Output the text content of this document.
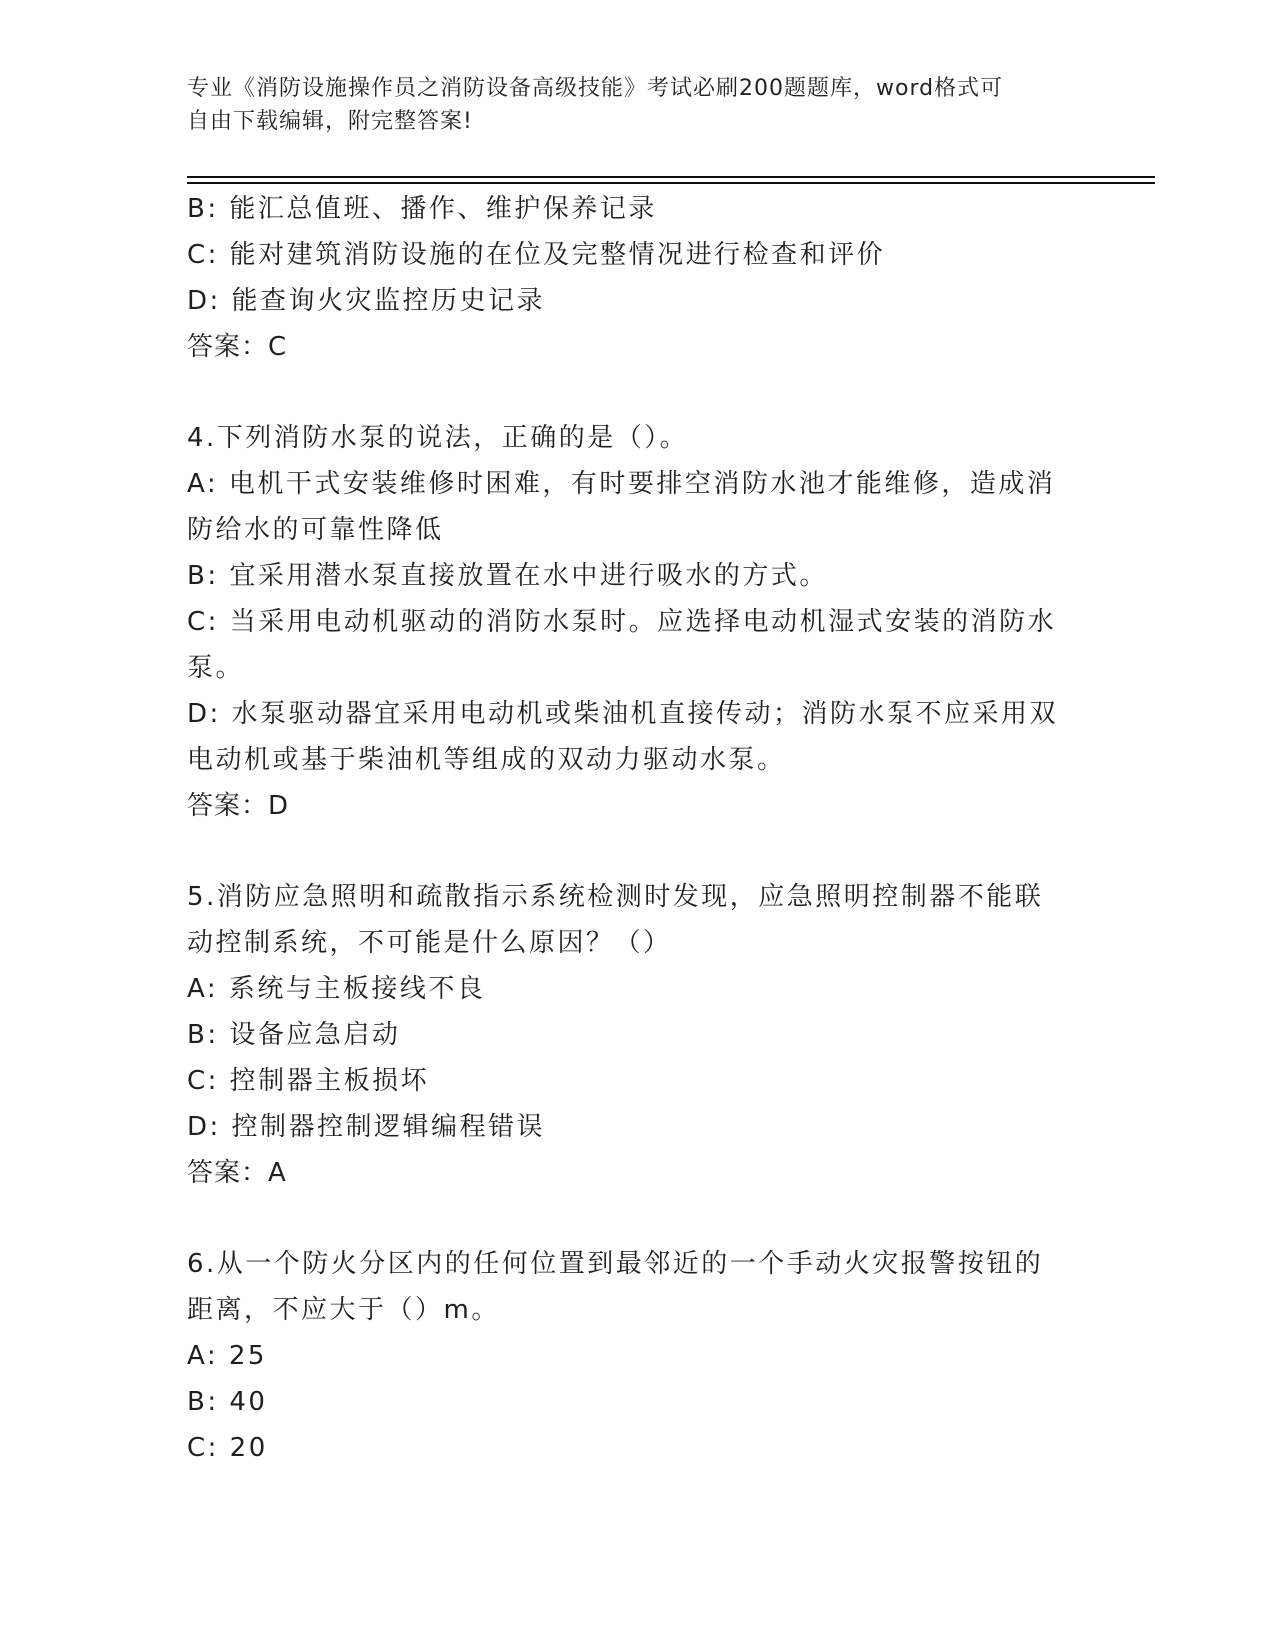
专业《消防设施操作员之消防设备高级技能》考试必刷200题题库，word格式可
自由下载编辑，附完整答案!
B: 能汇总值班、播作、维护保养记录
C: 能对建筑消防设施的在位及完整情况进行检查和评价
D: 能查询火灾监控历史记录
答案：C
4.下列消防水泵的说法，正确的是（）。
A: 电机干式安装维修时困难，有时要排空消防水池才能维修，造成消
防给水的可靠性降低
B: 宜采用潜水泵直接放置在水中进行吸水的方式。
C: 当采用电动机驱动的消防水泵时。应选择电动机湿式安装的消防水
泵。
D: 水泵驱动器宜采用电动机或柴油机直接传动；消防水泵不应采用双
电动机或基于柴油机等组成的双动力驱动水泵。
答案：D
5.消防应急照明和疏散指示系统检测时发现，应急照明控制器不能联
动控制系统，不可能是什么原因？（）
A: 系统与主板接线不良
B: 设备应急启动
C: 控制器主板损坏
D: 控制器控制逻辑编程错误
答案：A
6.从一个防火分区内的任何位置到最邻近的一个手动火灾报警按钮的
距离，不应大于（）m。
A: 25
B: 40
C: 20
